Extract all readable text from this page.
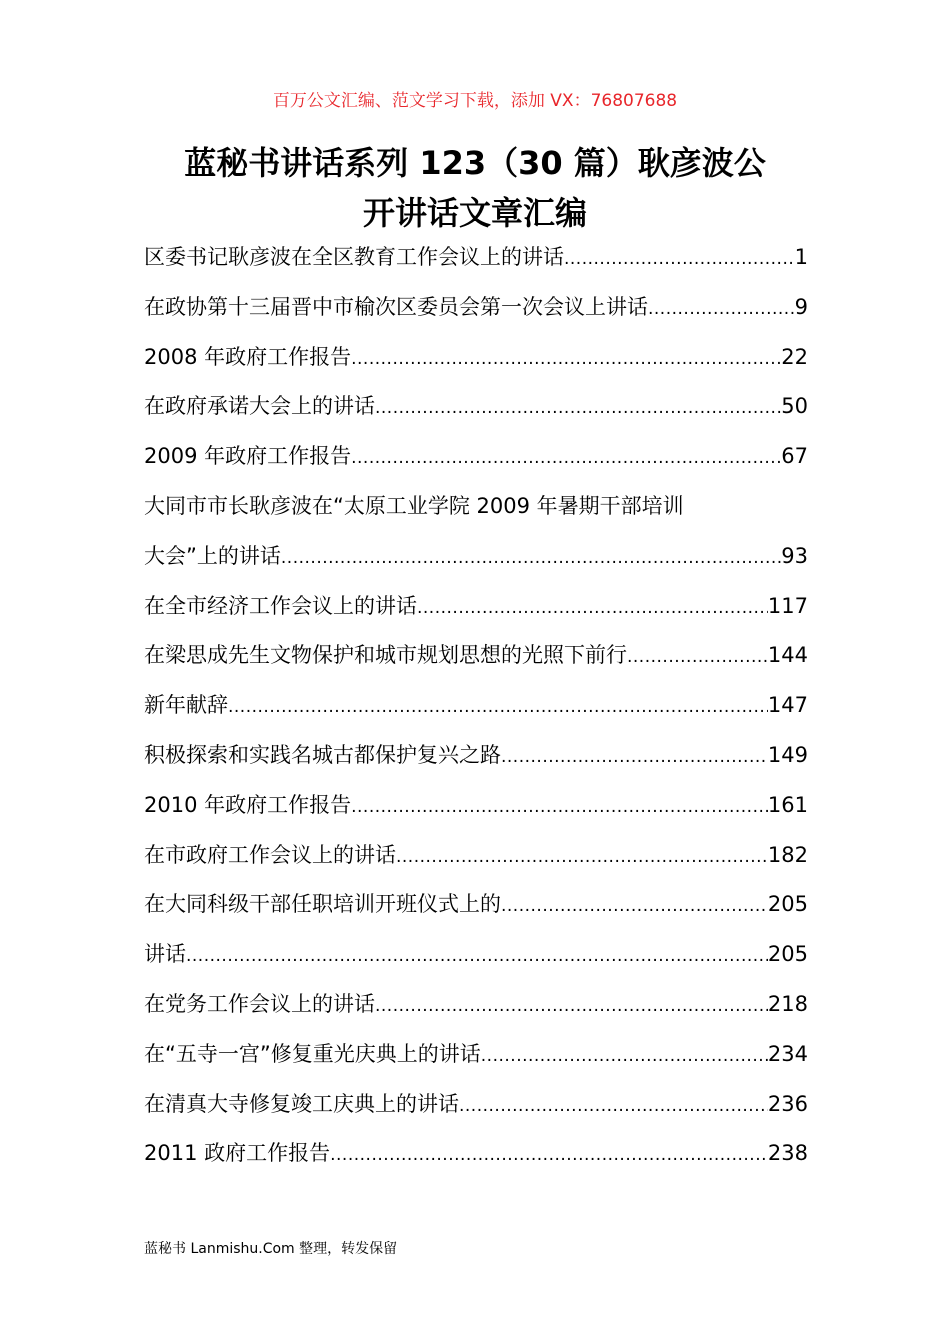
百万公文汇编、范文学习下载，添加 VX：76807688
蓝秘书讲话系列 123（30 篇）耿彦波公
开讲话文章汇编
区委书记耿彦波在全区教育工作会议上的讲话 .....	1
在政协第十三届晋中市榆次区委员会第一次会议上讲话 .....	9
2008 年政府工作报告 .....	22
在政府承诺大会上的讲话 .....	50
2009 年政府工作报告 .....	67
大同市市长耿彦波在“太原工业学院 2009 年暑期干部培训
大会”上的讲话 .....	93
在全市经济工作会议上的讲话 .....	117
在梁思成先生文物保护和城市规划思想的光照下前行 .....	144
新年献辞 .....	147
积极探索和实践名城古都保护复兴之路 .....	149
2010 年政府工作报告 .....	161
在市政府工作会议上的讲话 .....	182
在大同科级干部任职培训开班仪式上的 .....	205
讲话 .....	205
在党务工作会议上的讲话 .....	218
在“五寺一宫”修复重光庆典上的讲话 .....	234
在清真大寺修复竣工庆典上的讲话 .....	236
2011 政府工作报告 .....	238
蓝秘书 Lanmishu.Com 整理，转发保留
